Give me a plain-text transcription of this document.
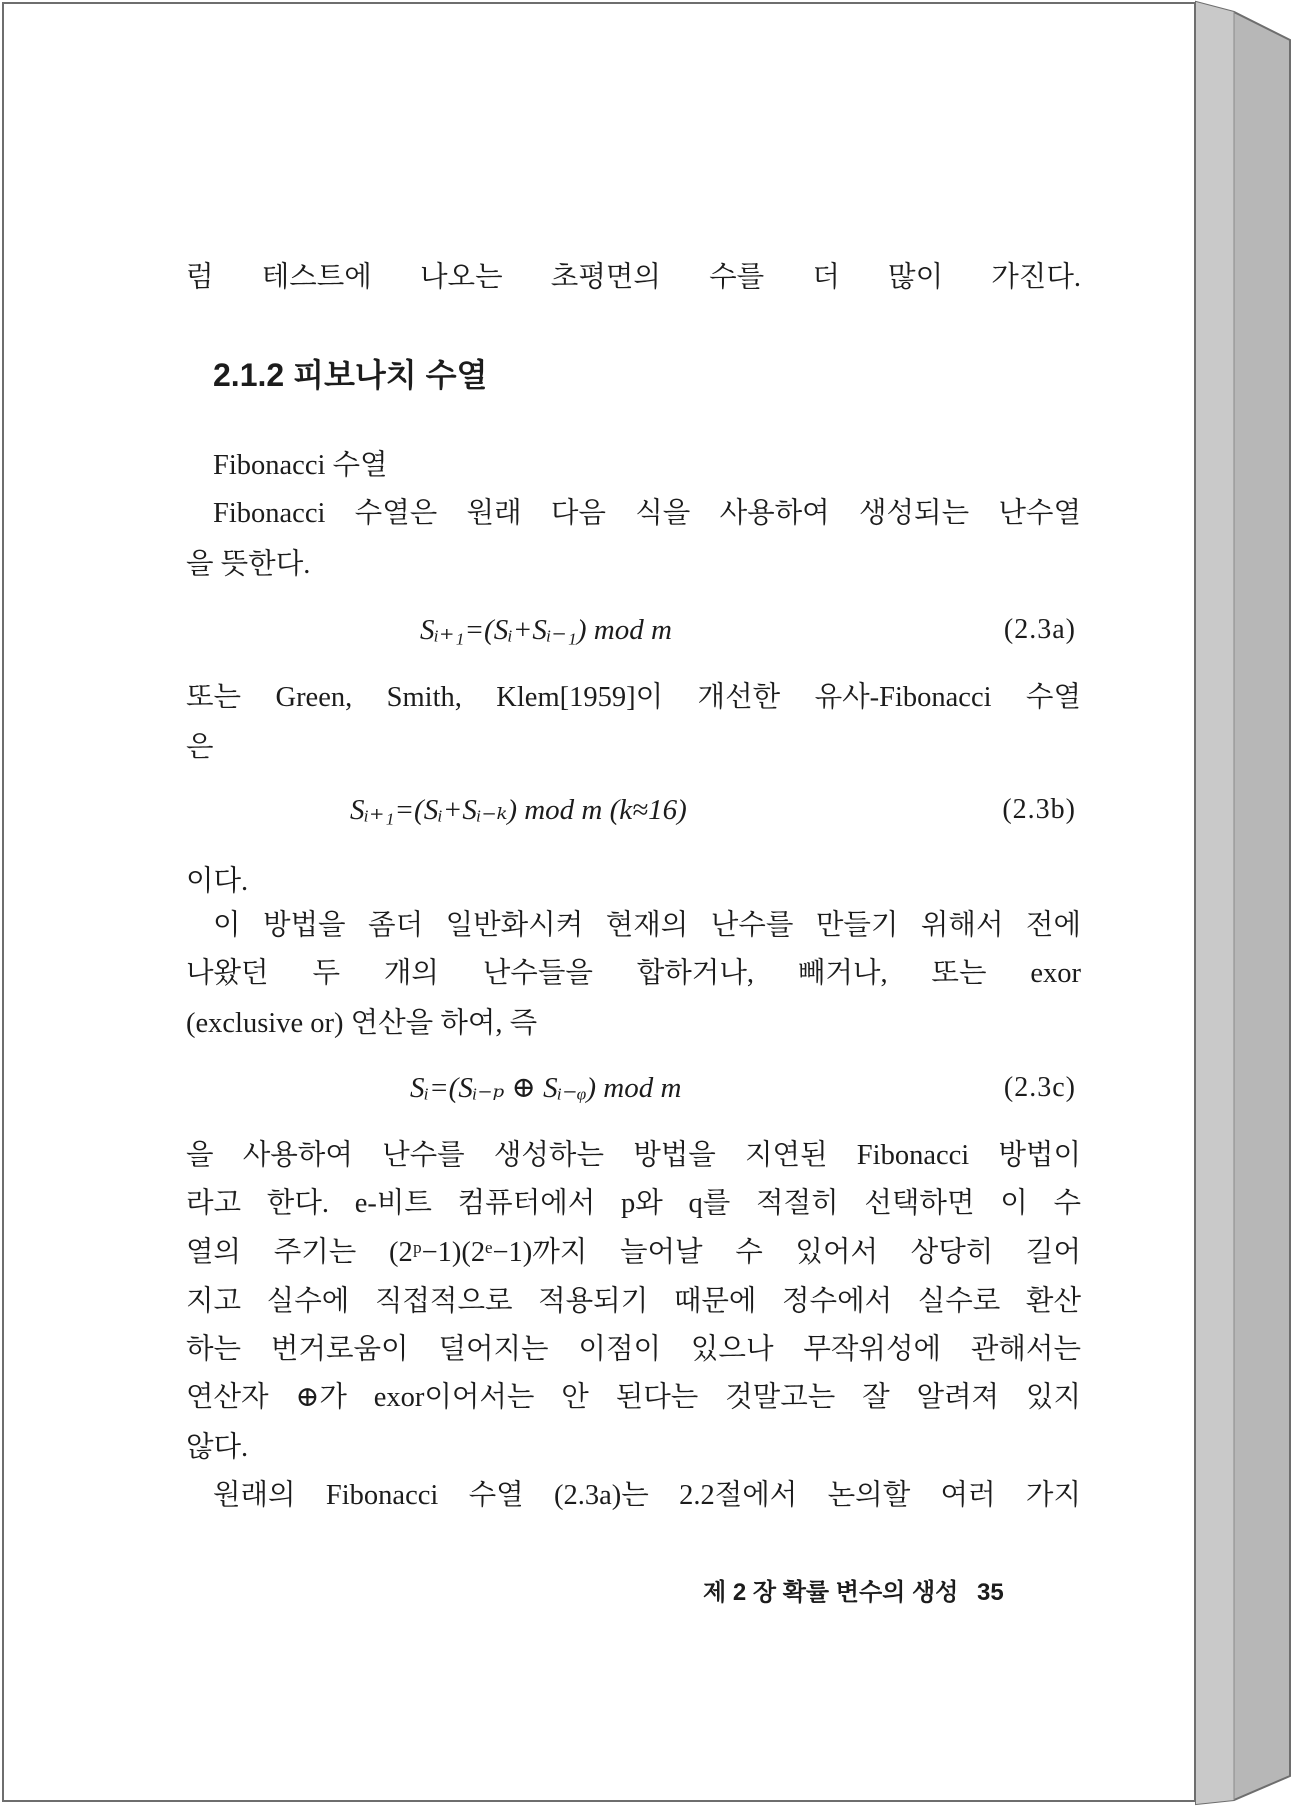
럼 테스트에 나오는 초평면의 수를 더 많이 가진다.
2.1.2 피보나치 수열
Fibonacci 수열
Fibonacci 수열은 원래 다음 식을 사용하여 생성되는 난수열
을 뜻한다.
Sᵢ₊₁=(Sᵢ+Sᵢ₋₁) mod m	(2.3a)
또는 Green, Smith, Klem[1959]이 개선한 유사-Fibonacci 수열
은
Sᵢ₊₁=(Sᵢ+Sᵢ₋ₖ) mod m (k≈16)	(2.3b)
이다.
이 방법을 좀더 일반화시켜 현재의 난수를 만들기 위해서 전에
나왔던 두 개의 난수들을 합하거나, 빼거나, 또는 exor
(exclusive or) 연산을 하여, 즉
Sᵢ=(Sᵢ₋ₚ ⊕ Sᵢ₋ᵩ) mod m	(2.3c)
을 사용하여 난수를 생성하는 방법을 지연된 Fibonacci 방법이
라고 한다. e-비트 컴퓨터에서 p와 q를 적절히 선택하면 이 수
열의 주기는 (2ᵖ−1)(2ᵉ−1)까지 늘어날 수 있어서 상당히 길어
지고 실수에 직접적으로 적용되기 때문에 정수에서 실수로 환산
하는 번거로움이 덜어지는 이점이 있으나 무작위성에 관해서는
연산자 ⊕가 exor이어서는 안 된다는 것말고는 잘 알려져 있지
않다.
원래의 Fibonacci 수열 (2.3a)는 2.2절에서 논의할 여러 가지
제 2 장 확률 변수의 생성 35
